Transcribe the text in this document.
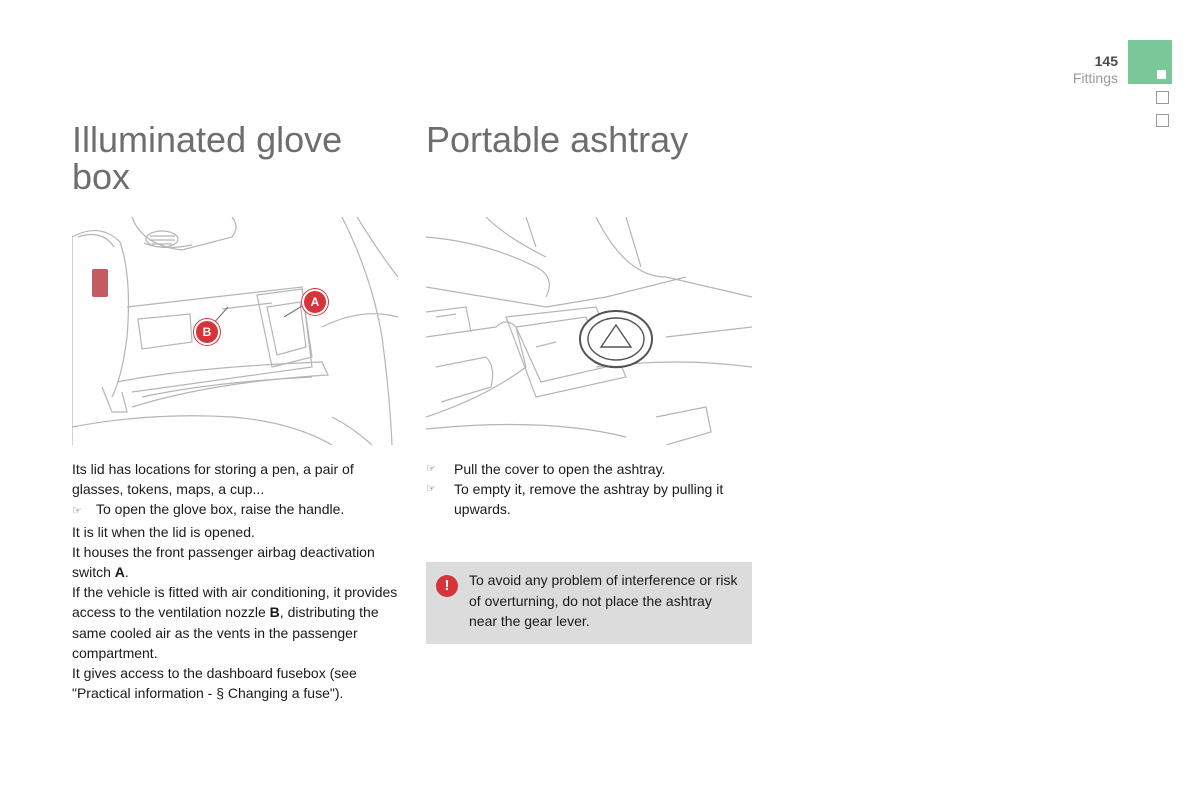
145
Fittings
Illuminated glove
box
A
B

Its lid has locations for storing a pen, a pair of glasses, tokens, maps, a cup...

☞ To open the glove box, raise the handle.

It is lit when the lid is opened.

It houses the front passenger airbag deactivation switch A.

If the vehicle is fitted with air conditioning, it provides access to the ventilation nozzle B, distributing the same cooled air as the vents in the passenger compartment.

It gives access to the dashboard fusebox (see "Practical information - § Changing a fuse").

Portable ashtray
☞	Pull the cover to open the ashtray.
☞	To empty it, remove the ashtray by pulling it upwards.
!	To avoid any problem of interference or risk of overturning, do not place the ashtray near the gear lever.
